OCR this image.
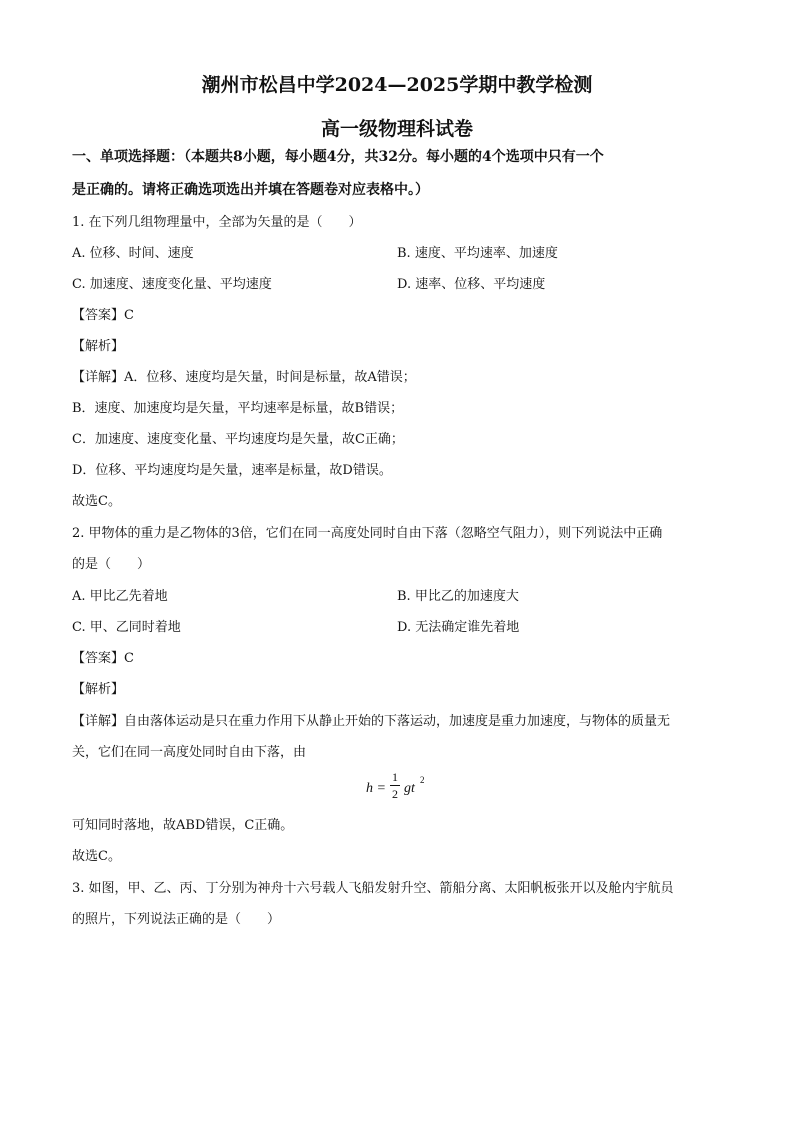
潮州市松昌中学2024—2025学期中教学检测
高一级物理科试卷
一、单项选择题：（本题共8小题，每小题4分，共32分。每小题的4个选项中只有一个
是正确的。请将正确选项选出并填在答题卷对应表格中。）
1. 在下列几组物理量中，全部为矢量的是（　　）
A. 位移、时间、速度	B. 速度、平均速率、加速度
C. 加速度、速度变化量、平均速度	D. 速率、位移、平均速度
【答案】C
【解析】
【详解】A．位移、速度均是矢量，时间是标量，故A错误；
B．速度、加速度均是矢量，平均速率是标量，故B错误；
C．加速度、速度变化量、平均速度均是矢量，故C正确；
D．位移、平均速度均是矢量，速率是标量，故D错误。
故选C。
2. 甲物体的重力是乙物体的3倍，它们在同一高度处同时自由下落（忽略空气阻力），则下列说法中正确
的是（　　）
A. 甲比乙先着地	B. 甲比乙的加速度大
C. 甲、乙同时着地	D. 无法确定谁先着地
【答案】C
【解析】
【详解】自由落体运动是只在重力作用下从静止开始的下落运动，加速度是重力加速度，与物体的质量无
关，它们在同一高度处同时自由下落，由
h =
1
2 gt
2
可知同时落地，故ABD错误，C正确。
故选C。
3. 如图，甲、乙、丙、丁分别为神舟十六号载人飞船发射升空、箭船分离、太阳帆板张开以及舱内宇航员
的照片，下列说法正确的是（　　）
